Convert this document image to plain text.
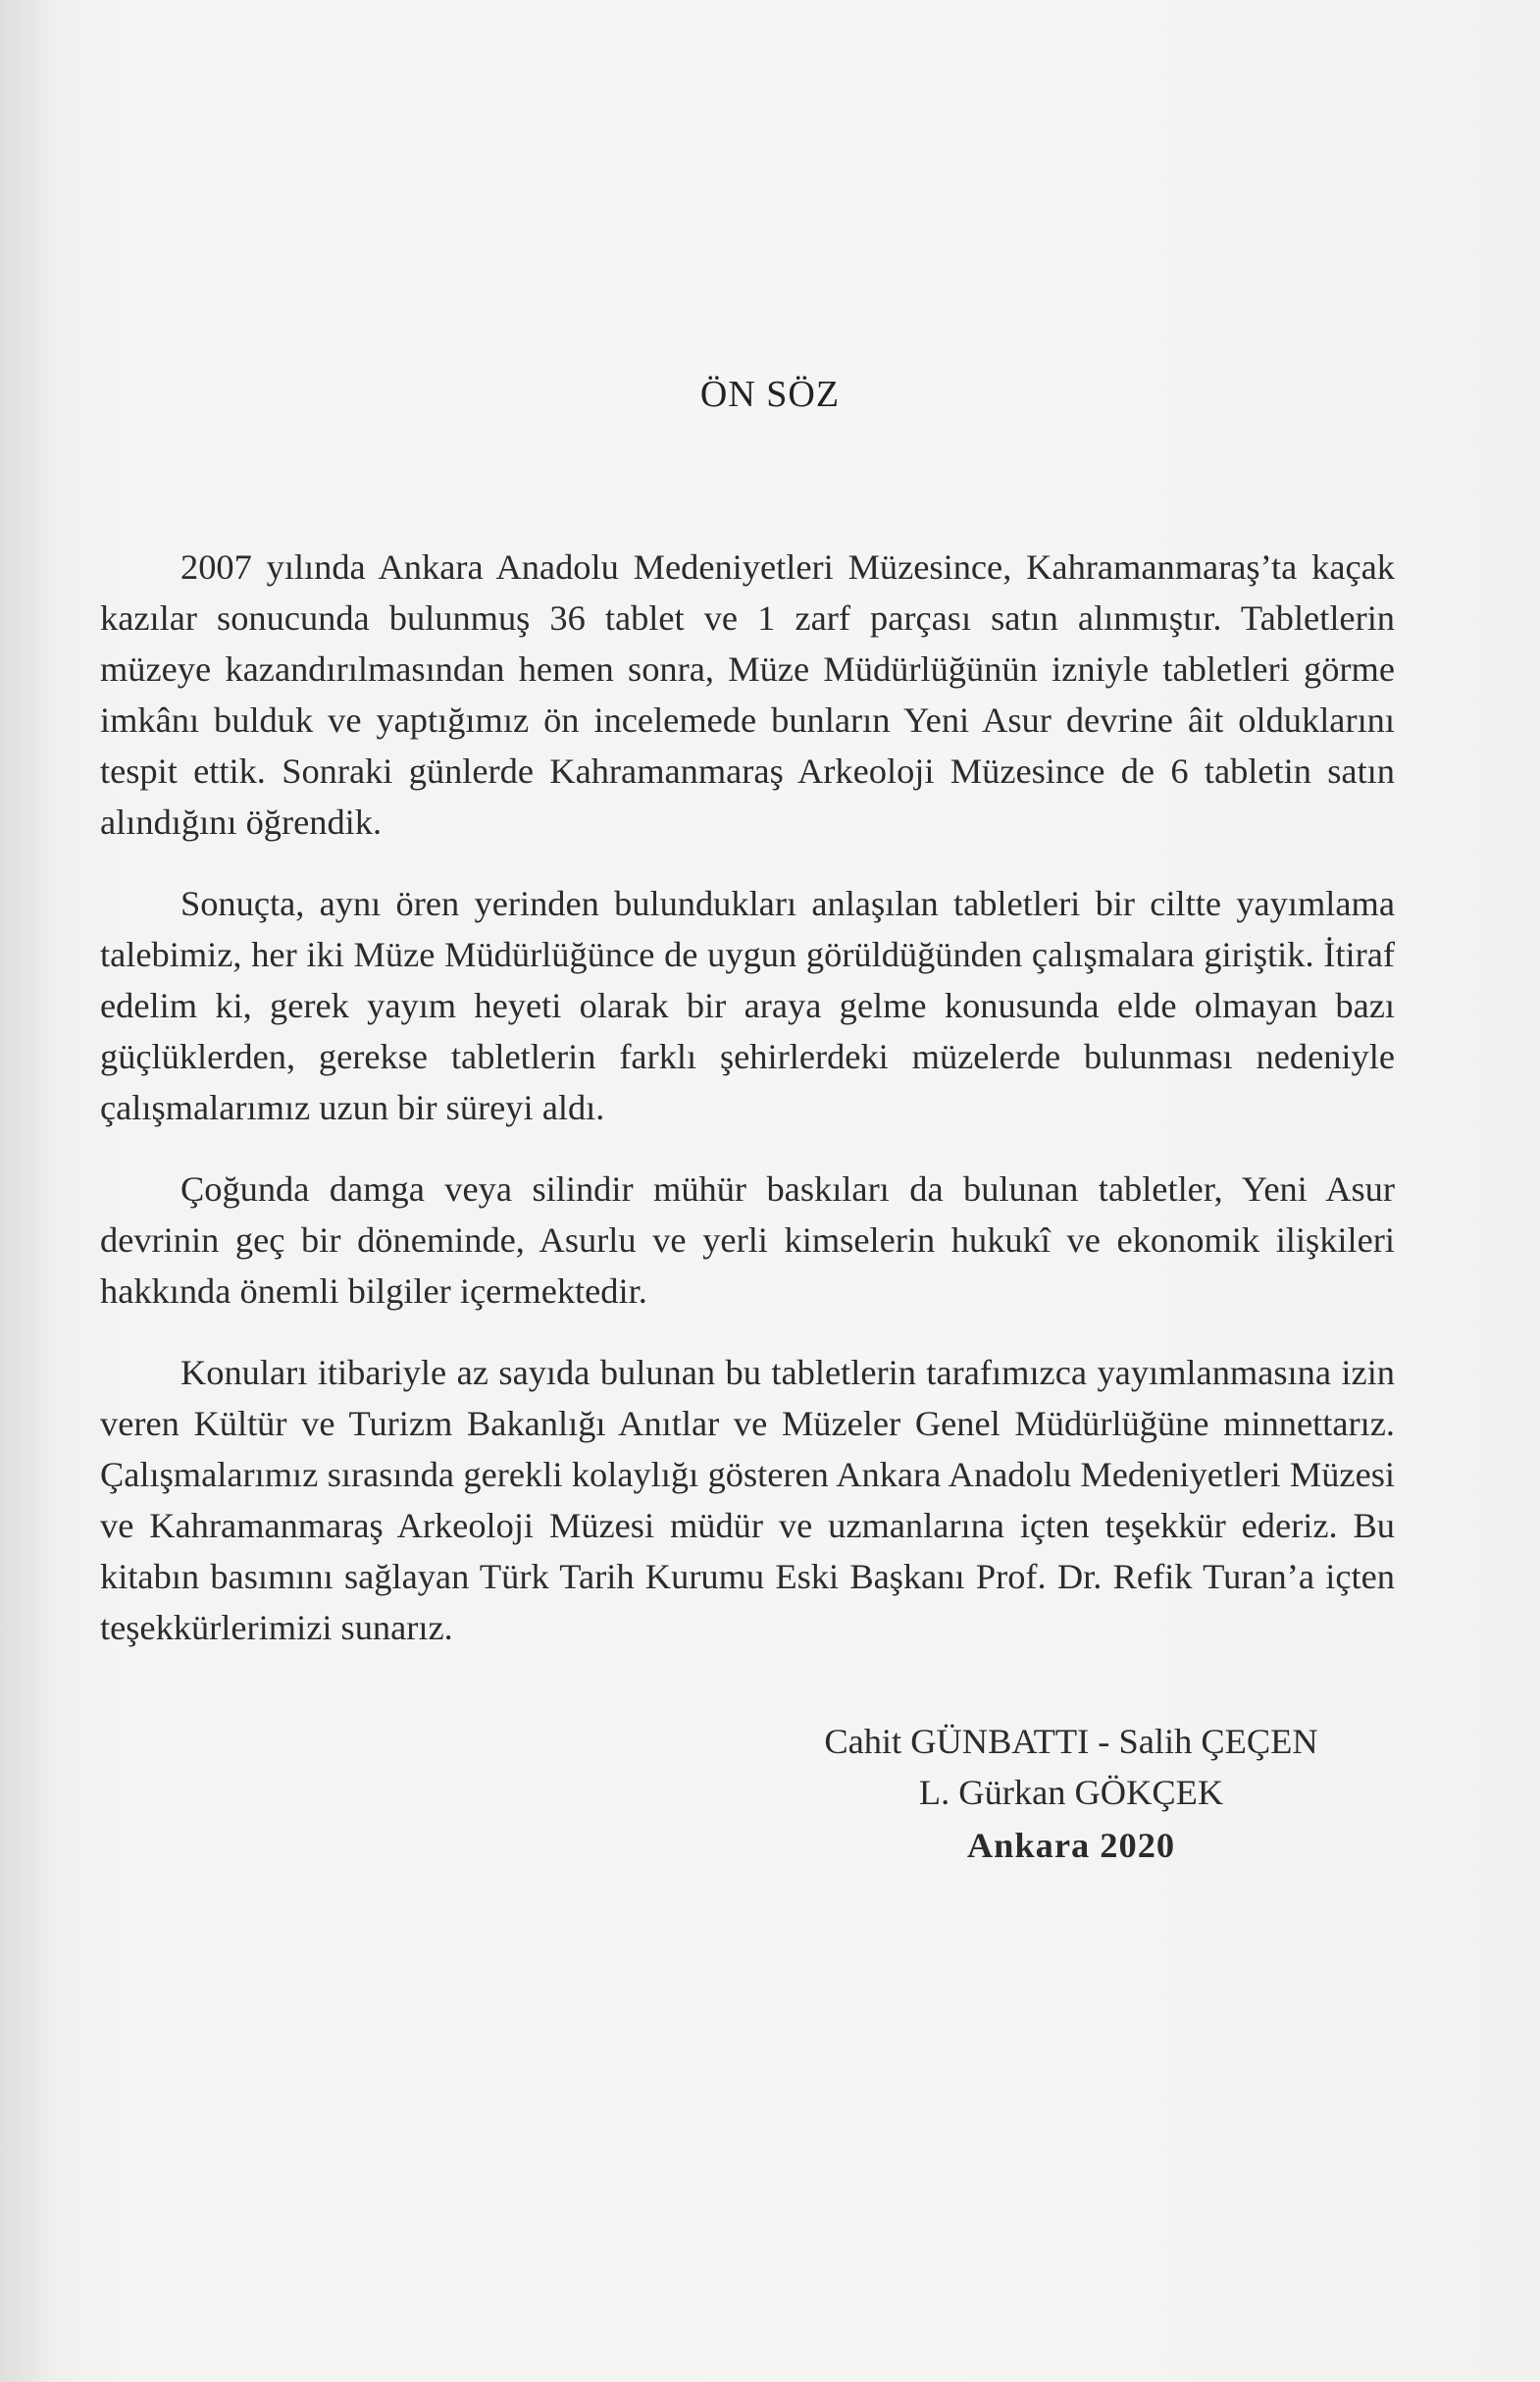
ÖN SÖZ

2007 yılında Ankara Anadolu Medeniyetleri Müzesince, Kahramanmaraş’ta kaçak kazılar sonucunda bulunmuş 36 tablet ve 1 zarf parçası satın alınmıştır. Tabletlerin müzeye kazandırılmasından hemen sonra, Müze Müdürlüğünün izniyle tabletleri görme imkânı bulduk ve yaptığımız ön incelemede bunların Yeni Asur devrine âit olduklarını tespit ettik. Sonraki günlerde Kahramanmaraş Arkeoloji Müzesince de 6 tabletin satın alındığını öğrendik.

Sonuçta, aynı ören yerinden bulundukları anlaşılan tabletleri bir ciltte yayımlama talebimiz, her iki Müze Müdürlüğünce de uygun görüldüğünden çalışmalara giriştik. İtiraf edelim ki, gerek yayım heyeti olarak bir araya gelme konusunda elde olmayan bazı güçlüklerden, gerekse tabletlerin farklı şehirlerdeki müzelerde bulunması nedeniyle çalışmalarımız uzun bir süreyi aldı.

Çoğunda damga veya silindir mühür baskıları da bulunan tabletler, Yeni Asur devrinin geç bir döneminde, Asurlu ve yerli kimselerin hukukî ve ekonomik ilişkileri hakkında önemli bilgiler içermektedir.

Konuları itibariyle az sayıda bulunan bu tabletlerin tarafımızca yayımlanmasına izin veren Kültür ve Turizm Bakanlığı Anıtlar ve Müzeler Genel Müdürlüğüne minnettarız. Çalışmalarımız sırasında gerekli kolaylığı gösteren Ankara Anadolu Medeniyetleri Müzesi ve Kahramanmaraş Arkeoloji Müzesi müdür ve uzmanlarına içten teşekkür ederiz. Bu kitabın basımını sağlayan Türk Tarih Kurumu Eski Başkanı Prof. Dr. Refik Turan’a içten teşekkürlerimizi sunarız.

Cahit GÜNBATTI - Salih ÇEÇEN
L. Gürkan GÖKÇEK
Ankara 2020
